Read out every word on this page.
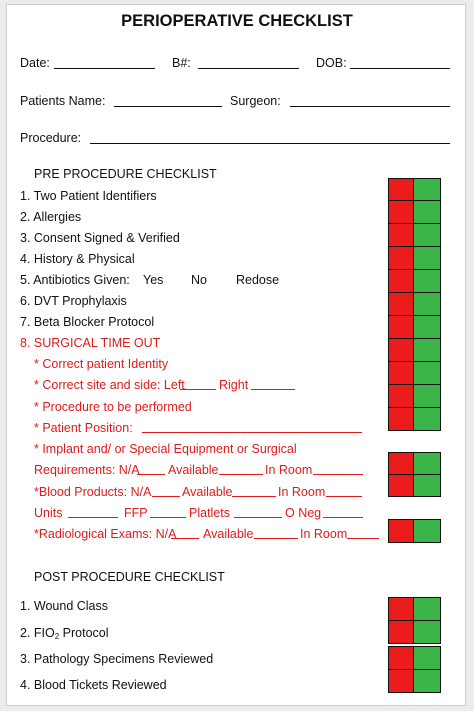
PERIOPERATIVE CHECKLIST
Date:	B#:	DOB:
Patients Name:	Surgeon:
Procedure:
PRE PROCEDURE CHECKLIST
1. Two Patient Identifiers
2. Allergies
3. Consent Signed & Verified
4. History & Physical
5. Antibiotics Given: Yes No Redose
6. DVT Prophylaxis
7. Beta Blocker Protocol
8. SURGICAL TIME OUT
* Correct patient Identity
* Correct site and side: Left	Right
* Procedure to be performed
* Patient Position:
* Implant and/ or Special Equipment or Surgical
Requirements: N/A Available	In Room
*Blood Products: N/A Available	In Room
Units	FFP	Platlets	O Neg
*Radiological Exams: N/A Available	In Room
POST PROCEDURE CHECKLIST
1. Wound Class
2. $FIO_2$ Protocol
3. Pathology Specimens Reviewed
4. Blood Tickets Reviewed
